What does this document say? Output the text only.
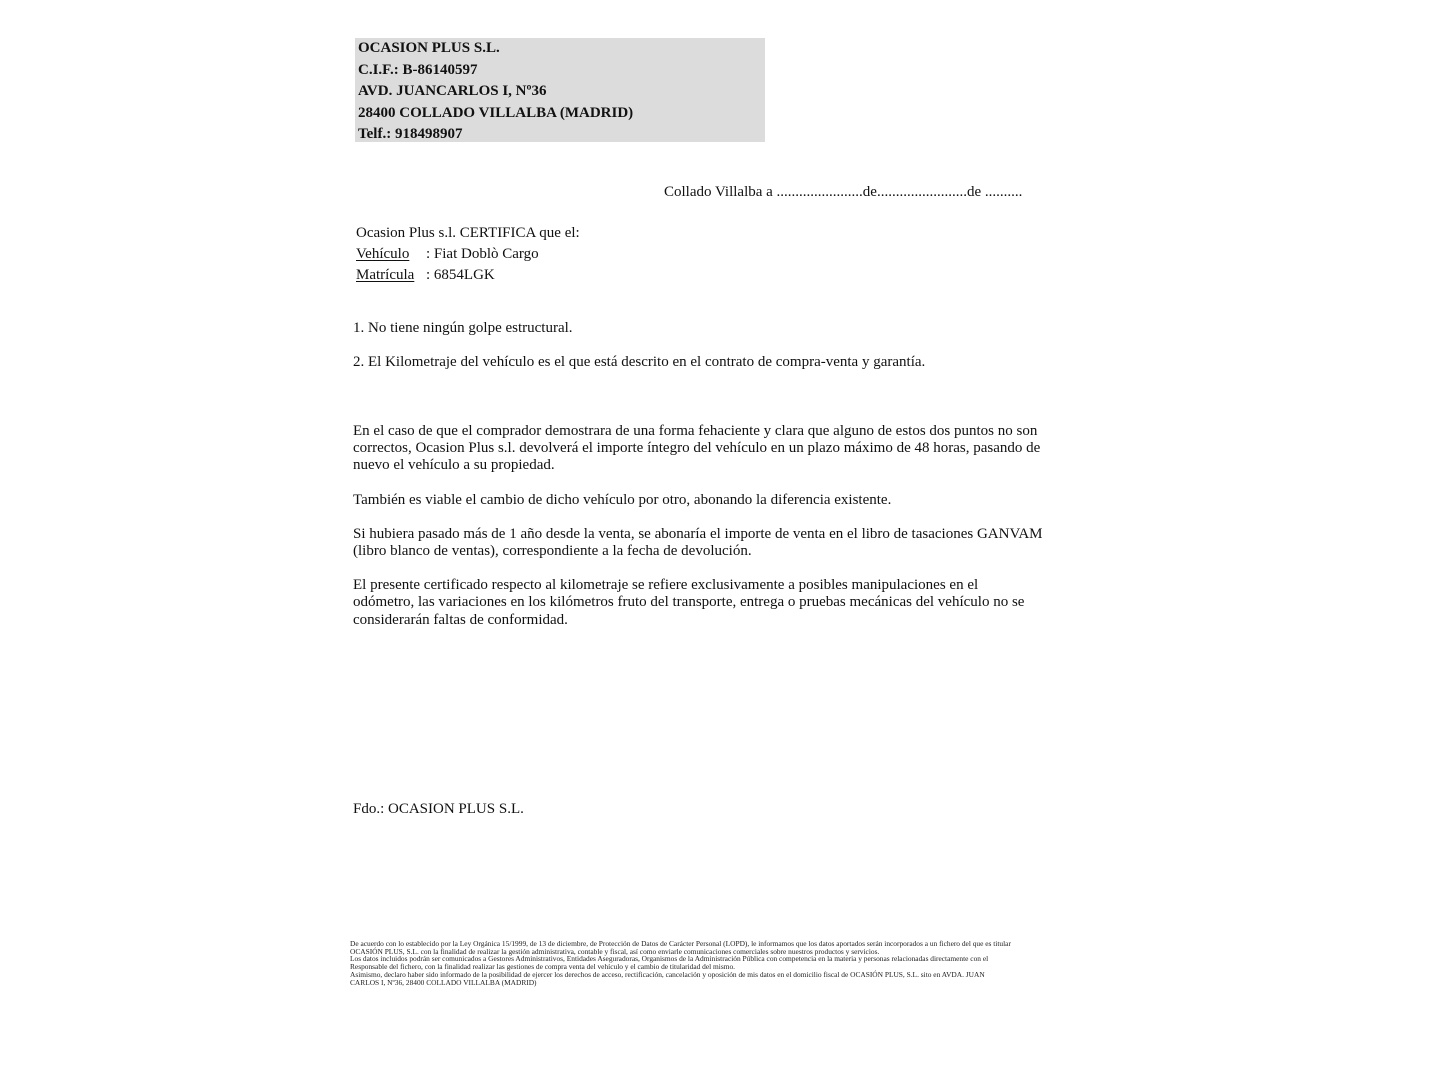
OCASION PLUS S.L.
C.I.F.: B-86140597
AVD. JUANCARLOS I, Nº36
28400 COLLADO VILLALBA (MADRID)
Telf.: 918498907
Collado Villalba a .......................de........................de ..........
Ocasion Plus s.l. CERTIFICA que el:
Vehículo	: Fiat Doblò Cargo
Matrícula : 6854LGK

1. No tiene ningún golpe estructural.

2. El Kilometraje del vehículo es el que está descrito en el contrato de compra-venta y garantía.

En el caso de que el comprador demostrara de una forma fehaciente y clara que alguno de estos dos puntos no son correctos, Ocasion Plus s.l. devolverá el importe íntegro del vehículo en un plazo máximo de 48 horas, pasando de nuevo el vehículo a su propiedad.

También es viable el cambio de dicho vehículo por otro, abonando la diferencia existente.

Si hubiera pasado más de 1 año desde la venta, se abonaría el importe de venta en el libro de tasaciones GANVAM (libro blanco de ventas), correspondiente a la fecha de devolución.

El presente certificado respecto al kilometraje se refiere exclusivamente a posibles manipulaciones en el odómetro, las variaciones en los kilómetros fruto del transporte, entrega o pruebas mecánicas del vehículo no se considerarán faltas de conformidad.

Fdo.: OCASION PLUS S.L.
De acuerdo con lo establecido por la Ley Orgánica 15/1999, de 13 de diciembre, de Protección de Datos de Carácter Personal (LOPD), le informamos que los datos aportados serán incorporados a un fichero del que es titular
OCASIÓN PLUS, S.L. con la finalidad de realizar la gestión administrativa, contable y fiscal, así como enviarle comunicaciones comerciales sobre nuestros productos y servicios.
Los datos incluidos podrán ser comunicados a Gestores Administrativos, Entidades Aseguradoras, Organismos de la Administración Pública con competencia en la materia y personas relacionadas directamente con el
Responsable del fichero, con la finalidad realizar las gestiones de compra venta del vehículo y el cambio de titularidad del mismo.
Asimismo, declaro haber sido informado de la posibilidad de ejercer los derechos de acceso, rectificación, cancelación y oposición de mis datos en el domicilio fiscal de OCASIÓN PLUS, S.L. sito en AVDA. JUAN
CARLOS I, Nº36, 28400 COLLADO VILLALBA (MADRID)
